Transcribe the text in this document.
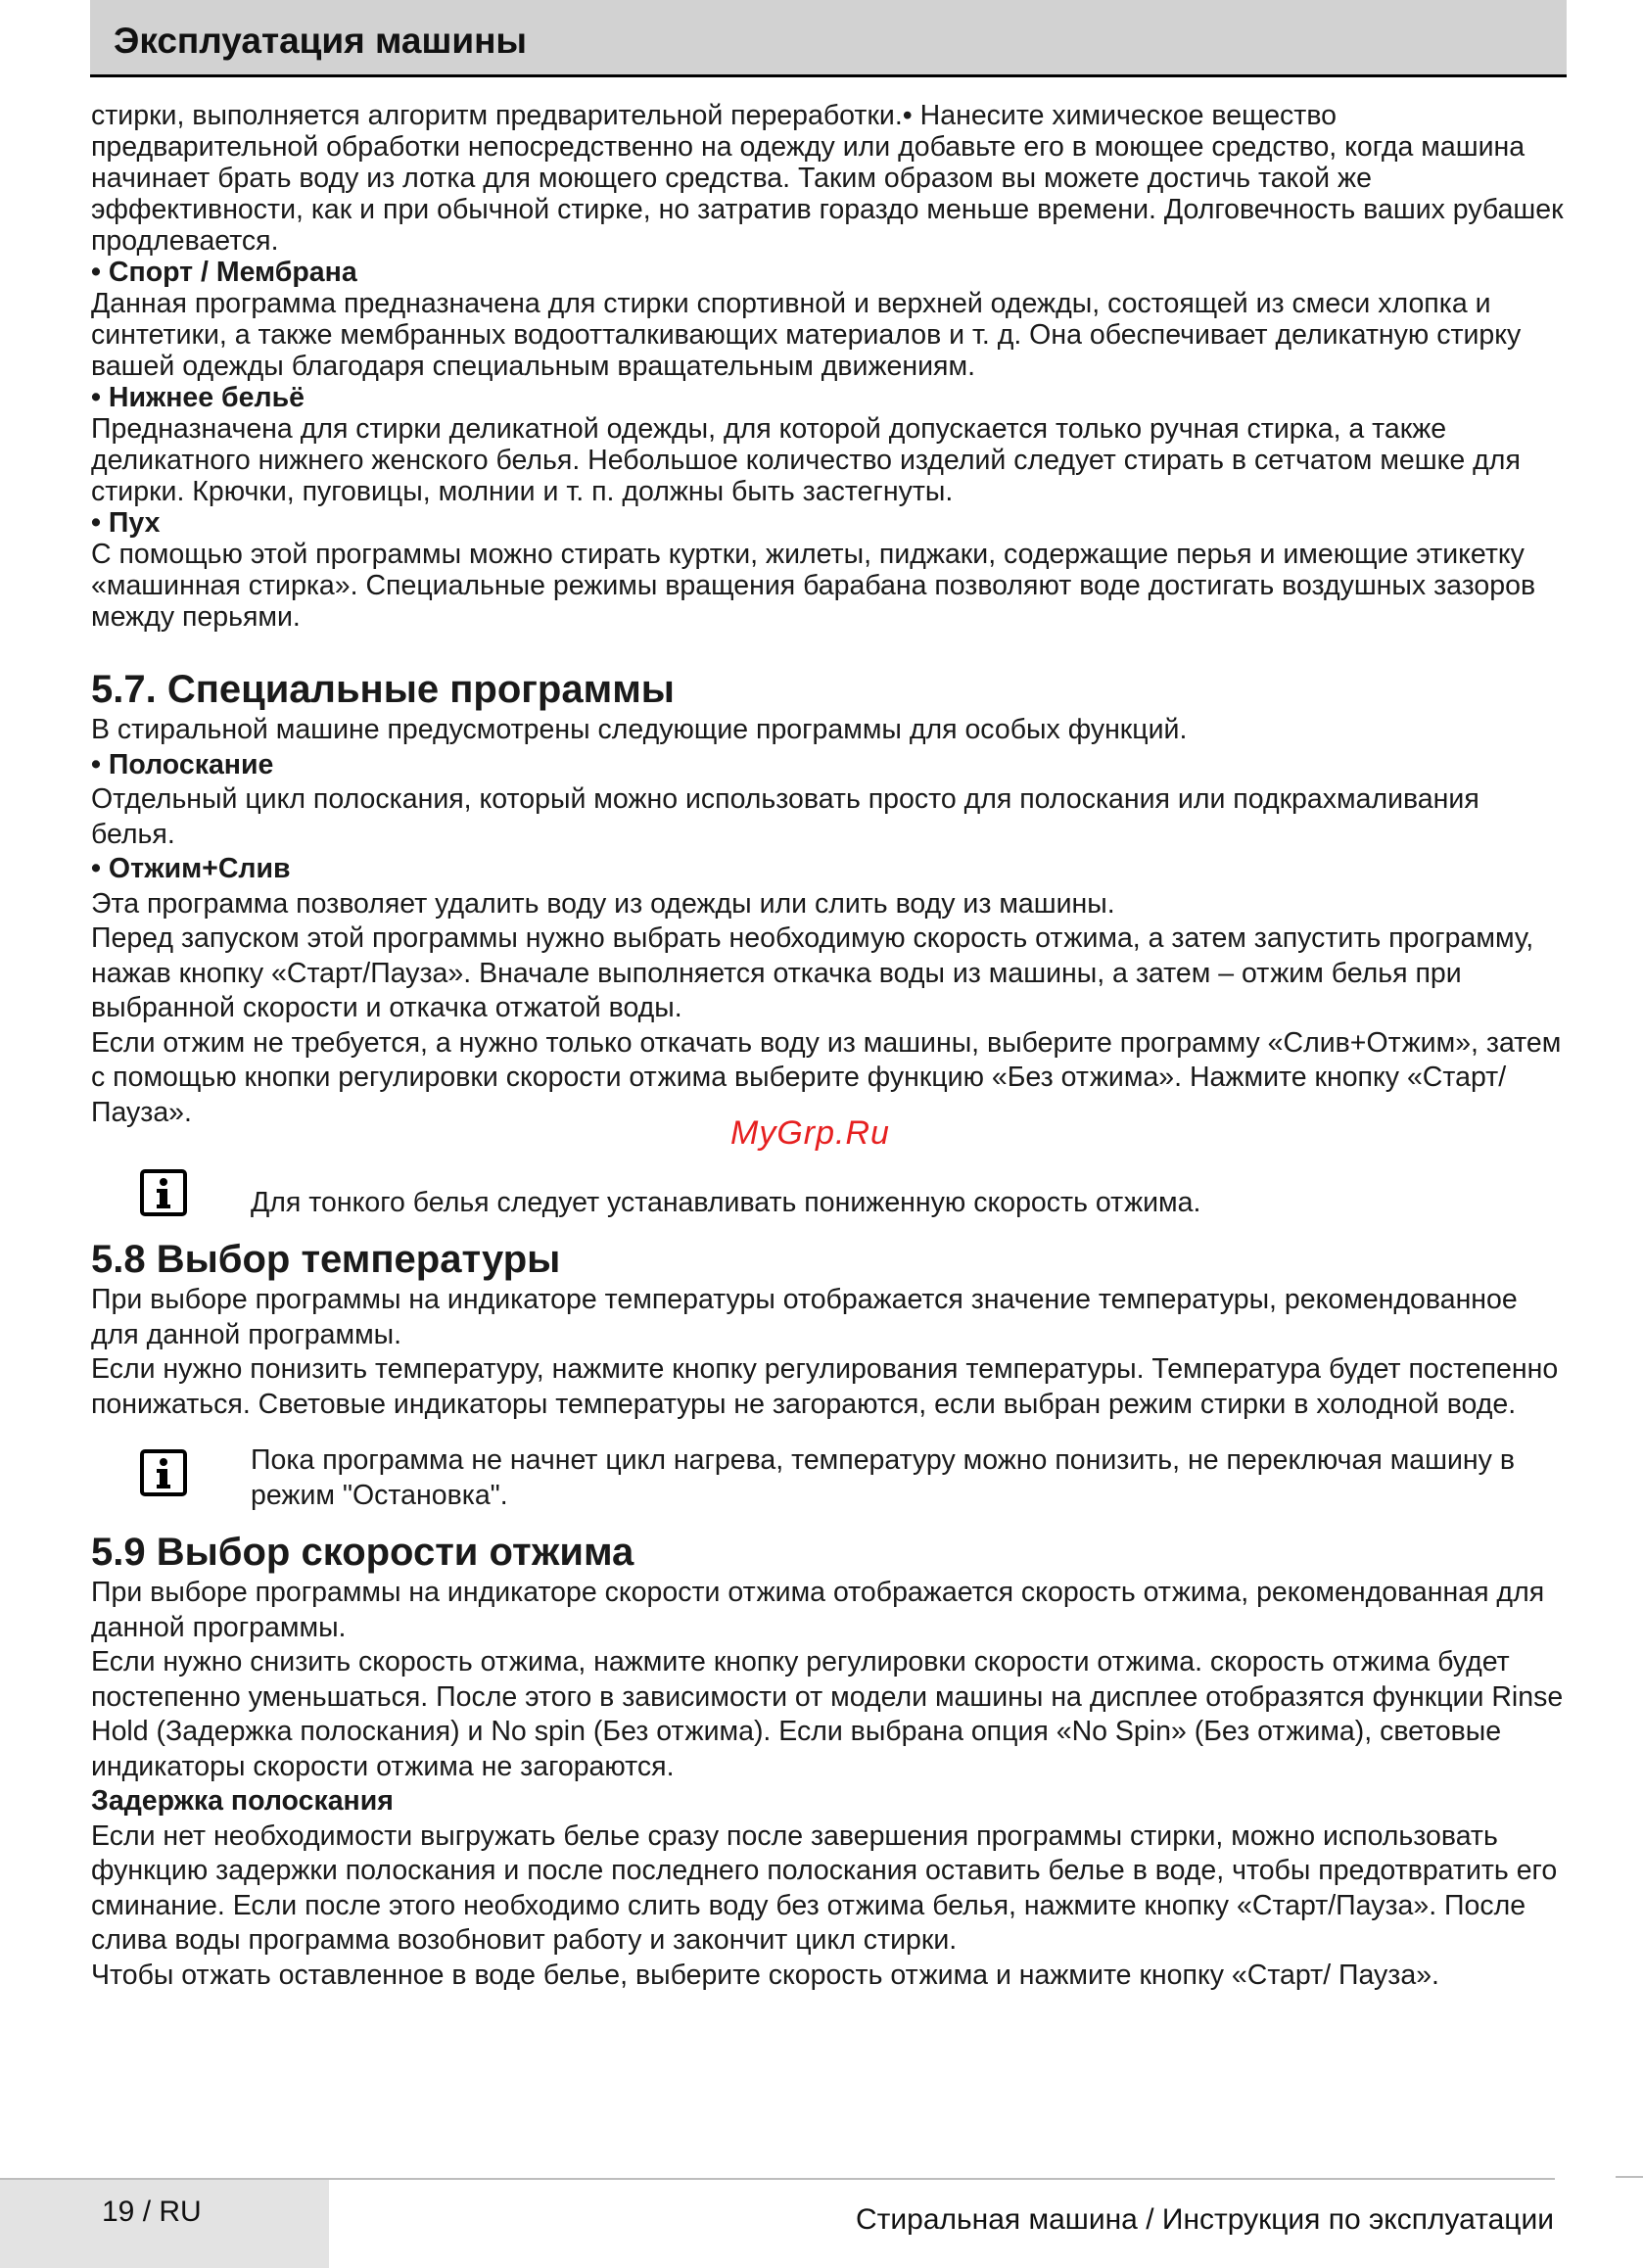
Эксплуатация машины

стирки, выполняется алгоритм предварительной переработки.• Нанесите химическое вещество предварительной обработки непосредственно на одежду или добавьте его в моющее средство, когда машина начинает брать воду из лотка для моющего средства. Таким образом вы можете достичь такой же эффективности, как и при обычной стирке, но затратив гораздо меньше времени. Долговечность ваших рубашек продлевается.

• Спорт / Мембрана

Данная программа предназначена для стирки спортивной и верхней одежды, состоящей из смеси хлопка и синтетики, а также мембранных водоотталкивающих материалов и т. д. Она обеспечивает деликатную стирку вашей одежды благодаря специальным вращательным движениям.

• Нижнее бельё

Предназначена для стирки деликатной одежды, для которой допускается только ручная стирка, а также деликатного нижнего женского белья. Небольшое количество изделий следует стирать в сетчатом мешке для стирки. Крючки, пуговицы, молнии и т. п. должны быть застегнуты.

• Пух

С помощью этой программы можно стирать куртки, жилеты, пиджаки, содержащие перья и имеющие этикетку «машинная стирка». Специальные режимы вращения барабана позволяют воде достигать воздушных зазоров между перьями.

5.7. Специальные программы

В стиральной машине предусмотрены следующие программы для особых функций.

• Полоскание

Отдельный цикл полоскания, который можно использовать просто для полоскания или подкрахмаливания белья.

• Отжим+Слив

Эта программа позволяет удалить воду из одежды или слить воду из машины.

Перед запуском этой программы нужно выбрать необходимую скорость отжима, а затем запустить программу, нажав кнопку «Старт/Пауза». Вначале выполняется откачка воды из машины, а затем – отжим белья при выбранной скорости и откачка отжатой воды.

Если отжим не требуется, а нужно только откачать воду из машины, выберите программу «Слив+Отжим», затем с помощью кнопки регулировки скорости отжима выберите функцию «Без отжима». Нажмите кнопку «Старт/Пауза».

Для тонкого белья следует устанавливать пониженную скорость отжима.

5.8 Выбор температуры

При выборе программы на индикаторе температуры отображается значение температуры, рекомендованное для данной программы.

Если нужно понизить температуру, нажмите кнопку регулирования температуры. Температура будет постепенно понижаться. Световые индикаторы температуры не загораются, если выбран режим стирки в холодной воде.

Пока программа не начнет цикл нагрева, температуру можно понизить, не переключая машину в режим "Остановка".

5.9 Выбор скорости отжима

При выборе программы на индикаторе скорости отжима отображается скорость отжима, рекомендованная для данной программы.

Если нужно снизить скорость отжима, нажмите кнопку регулировки скорости отжима. скорость отжима будет постепенно уменьшаться. После этого в зависимости от модели машины на дисплее отобразятся функции Rinse Hold (Задержка полоскания) и No spin (Без отжима). Если выбрана опция «No Spin» (Без отжима), световые индикаторы скорости отжима не загораются.

Задержка полоскания

Если нет необходимости выгружать белье сразу после завершения программы стирки, можно использовать функцию задержки полоскания и после последнего полоскания оставить белье в воде, чтобы предотвратить его сминание. Если после этого необходимо слить воду без отжима белья, нажмите кнопку «Старт/Пауза». После слива воды программа возобновит работу и закончит цикл стирки.

Чтобы отжать оставленное в воде белье, выберите скорость отжима и нажмите кнопку «Старт/ Пауза».

MyGrp.Ru
19 / RU	Стиральная машина / Инструкция по эксплуатации
